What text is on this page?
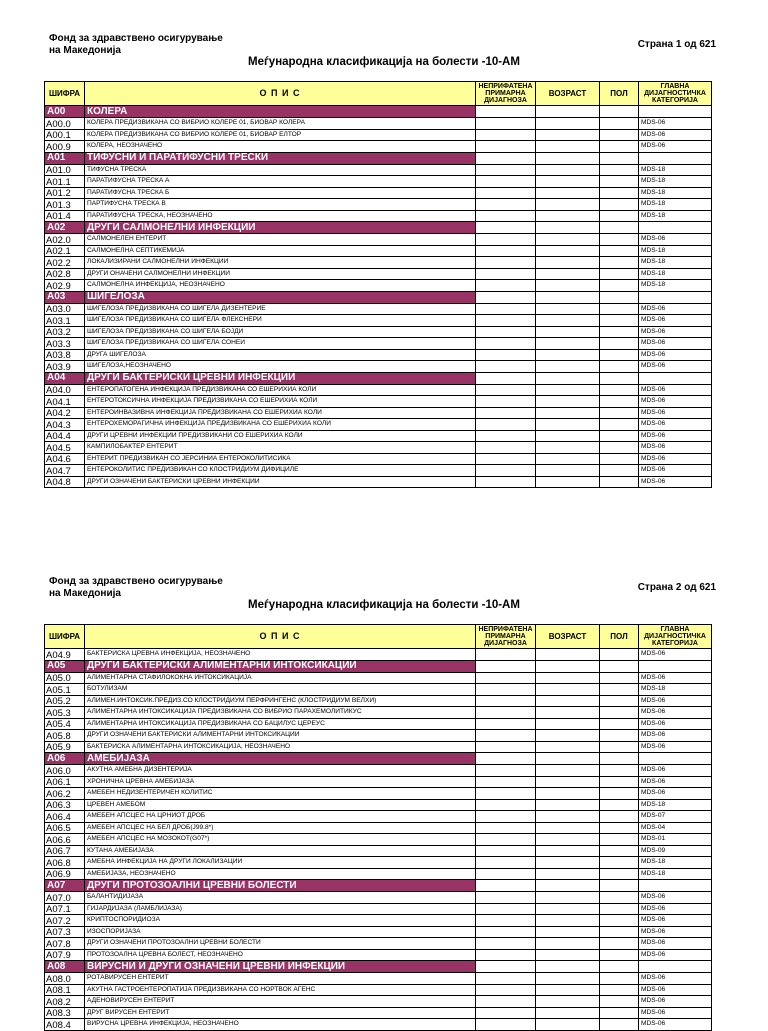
Фонд за здравствено осигурување
на Македонија
Страна 1 од 621
Меѓународна класификација на болести -10-AM
ШИФРА	О П И С	НЕПРИФАТЕНА ПРИМАРНА ДИЈАГНОЗА	ВОЗРАСТ	ПОЛ	ГЛАВНА ДИЈАГНОСТИЧКА КАТЕГОРИЈА
A00	КОЛЕРА				
A00.0	КОЛЕРА ПРЕДИЗВИКАНА СО ВИБРИО КОЛЕРЕ 01, БИОВАР КОЛЕРА				MDS-06
A00.1	КОЛЕРА ПРЕДИЗВИКАНА СО ВИБРИО КОЛЕРЕ 01, БИОВАР ЕЛТОР				MDS-06
A00.9	КОЛЕРА, НЕОЗНАЧЕНО				MDS-06
A01	ТИФУСНИ И ПАРАТИФУСНИ ТРЕСКИ				
A01.0	ТИФУСНА ТРЕСКА				MDS-18
A01.1	ПАРАТИФУСНА ТРЕСКА А				MDS-18
A01.2	ПАРАТИФУСНА ТРЕСКА Б				MDS-18
A01.3	ПАРТИФУСНА ТРЕСКА В				MDS-18
A01.4	ПАРАТИФУСНА ТРЕСКА, НЕОЗНАЧЕНО				MDS-18
A02	ДРУГИ САЛМОНЕЛНИ ИНФЕКЦИИ				
A02.0	САЛМОНЕЛЕН ЕНТЕРИТ				MDS-06
A02.1	САЛМОНЕЛНА СЕПТИКЕМИЈА				MDS-18
A02.2	ЛОКАЛИЗИРАНИ САЛМОНЕЛНИ ИНФЕКЦИИ				MDS-18
A02.8	ДРУГИ ОНАЧЕНИ САЛМОНЕЛНИ ИНФЕКЦИИ				MDS-18
A02.9	САЛМОНЕЛНА ИНФЕКЦИЈА, НЕОЗНАЧЕНО				MDS-18
A03	ШИГЕЛОЗА				
A03.0	ШИГЕЛОЗА ПРЕДИЗВИКАНА СО ШИГЕЛА ДИЗЕНТЕРИЕ				MDS-06
A03.1	ШИГЕЛОЗА ПРЕДИЗВИКАНА СО ШИГЕЛА ФЛЕКСНЕРИ				MDS-06
A03.2	ШИГЕЛОЗА ПРЕДИЗВИКАНА СО ШИГЕЛА БОЈДИ				MDS-06
A03.3	ШИГЕЛОЗА ПРЕДИЗВИКАНА СО ШИГЕЛА СОНЕИ				MDS-06
A03.8	ДРУГА ШИГЕЛОЗА				MDS-06
A03.9	ШИГЕЛОЗА,НЕОЗНАЧЕНО				MDS-06
A04	ДРУГИ БАКТЕРИСКИ ЦРЕВНИ ИНФЕКЦИИ				
A04.0	ЕНТЕРОПАТОГЕНА ИНФЕКЦИЈА ПРЕДИЗВИКАНА СО ЕШЕРИХИА КОЛИ				MDS-06
A04.1	ЕНТЕРОТОКСИЧНА ИНФЕКЦИЈА ПРЕДИЗВИКАНА СО ЕШЕРИХИА КОЛИ				MDS-06
A04.2	ЕНТЕРОИНВАЗИВНА ИНФЕКЦИЈА ПРЕДИЗВИКАНА СО ЕШЕРИХИА КОЛИ				MDS-06
A04.3	ЕНТЕРОХЕМОРАГИЧНА ИНФЕКЦИЈА ПРЕДИЗВИКАНА СО ЕШЕРИХИА КОЛИ				MDS-06
A04.4	ДРУГИ ЦРЕВНИ ИНФЕКЦИИ ПРЕДИЗВИКАНИ СО ЕШЕРИХИА КОЛИ				MDS-06
A04.5	КАМПИЛОБАКТЕР ЕНТЕРИТ				MDS-06
A04.6	ЕНТЕРИТ ПРЕДИЗВИКАН СО ЈЕРСИНИА ЕНТЕРОКОЛИТИСИКА				MDS-06
A04.7	ЕНТЕРОКОЛИТИС ПРЕДИЗВИКАН СО КЛОСТРИДИУМ ДИФИЦИЛЕ				MDS-06
A04.8	ДРУГИ ОЗНАЧЕНИ БАКТЕРИСКИ ЦРЕВНИ ИНФЕКЦИИ				MDS-06
Фонд за здравствено осигурување
на Македонија
Страна 2 од 621
Меѓународна класификација на болести -10-AM
ШИФРА	О П И С	НЕПРИФАТЕНА ПРИМАРНА ДИЈАГНОЗА	ВОЗРАСТ	ПОЛ	ГЛАВНА ДИЈАГНОСТИЧКА КАТЕГОРИЈА
A04.9	БАКТЕРИСКА ЦРЕВНА ИНФЕКЦИЈА, НЕОЗНАЧЕНО				MDS-06
A05	ДРУГИ БАКТЕРИСКИ АЛИМЕНТАРНИ ИНТОКСИКАЦИИ				
A05.0	АЛИМЕНТАРНА СТАФИЛОКОКНА ИНТОКСИКАЦИЈА				MDS-06
A05.1	БОТУЛИЗАМ				MDS-18
A05.2	АЛИМЕН.ИНТОКСИК.ПРЕДИЗ.СО КЛОСТРИДИУМ ПЕРФРИНГЕНС (КЛОСТРИДИУМ ВЕЛХИ)				MDS-06
A05.3	АЛИМЕНТАРНА ИНТОКСИКАЦИЈА ПРЕДИЗВИКАНА СО ВИБРИО ПАРАХЕМОЛИТИКУС				MDS-06
A05.4	АЛИМЕНТАРНА ИНТОКСИКАЦИЈА ПРЕДИЗВИКАНА СО БАЦИЛУС ЦЕРЕУС				MDS-06
A05.8	ДРУГИ ОЗНАЧЕНИ БАКТЕРИСКИ АЛИМЕНТАРНИ ИНТОКСИКАЦИИ				MDS-06
A05.9	БАКТЕРИСКА АЛИМЕНТАРНА ИНТОКСИКАЦИЈА, НЕОЗНАЧЕНО				MDS-06
A06	АМЕБИЈАЗА				
A06.0	АКУТНА АМЕБНА ДИЗЕНТЕРИЈА				MDS-06
A06.1	ХРОНИЧНА ЦРЕВНА АМЕБИЈАЗА				MDS-06
A06.2	АМЕБЕН НЕДИЗЕНТЕРИЧЕН КОЛИТИС				MDS-06
A06.3	ЦРЕВЕН АМЕБОМ				MDS-18
A06.4	АМЕБЕН АПСЦЕС НА ЦРНИОТ ДРОБ				MDS-07
A06.5	АМЕБЕН АПСЦЕС НА БЕЛ ДРОБ(Ј99.8*)				MDS-04
A06.6	АМЕБЕН АПСЦЕС НА МОЗОКОТ(G07*)				MDS-01
A06.7	КУТАНА АМЕБИЈАЗА				MDS-09
A06.8	АМЕБНА ИНФЕКЦИЈА НА ДРУГИ ЛОКАЛИЗАЦИИ				MDS-18
A06.9	АМЕБИЈАЗА, НЕОЗНАЧЕНО				MDS-18
A07	ДРУГИ ПРОТОЗОАЛНИ ЦРЕВНИ БОЛЕСТИ				
A07.0	БАЛАНТИДИЈАЗА				MDS-06
A07.1	ГИЈАРДИЈАЗА (ЛАМБЛИЈАЗА)				MDS-06
A07.2	КРИПТОСПОРИДИОЗА				MDS-06
A07.3	ИЗОСПОРИЈАЗА				MDS-06
A07.8	ДРУГИ ОЗНАЧЕНИ ПРОТОЗОАЛНИ ЦРЕВНИ БОЛЕСТИ				MDS-06
A07.9	ПРОТОЗОАЛНА ЦРЕВНА БОЛЕСТ, НЕОЗНАЧЕНО				MDS-06
A08	ВИРУСНИ И ДРУГИ ОЗНАЧЕНИ ЦРЕВНИ ИНФЕКЦИИ				
A08.0	РОТАВИРУСЕН ЕНТЕРИТ				MDS-06
A08.1	АКУТНА ГАСТРОЕНТЕРОПАТИЈА ПРЕДИЗВИКАНА СО НОРТВОК АГЕНС				MDS-06
A08.2	АДЕНОВИРУСЕН ЕНТЕРИТ				MDS-06
A08.3	ДРУГ ВИРУСЕН ЕНТЕРИТ				MDS-06
A08.4	ВИРУСНА ЦРЕВНА ИНФЕКЦИЈА, НЕОЗНАЧЕНО				MDS-06
